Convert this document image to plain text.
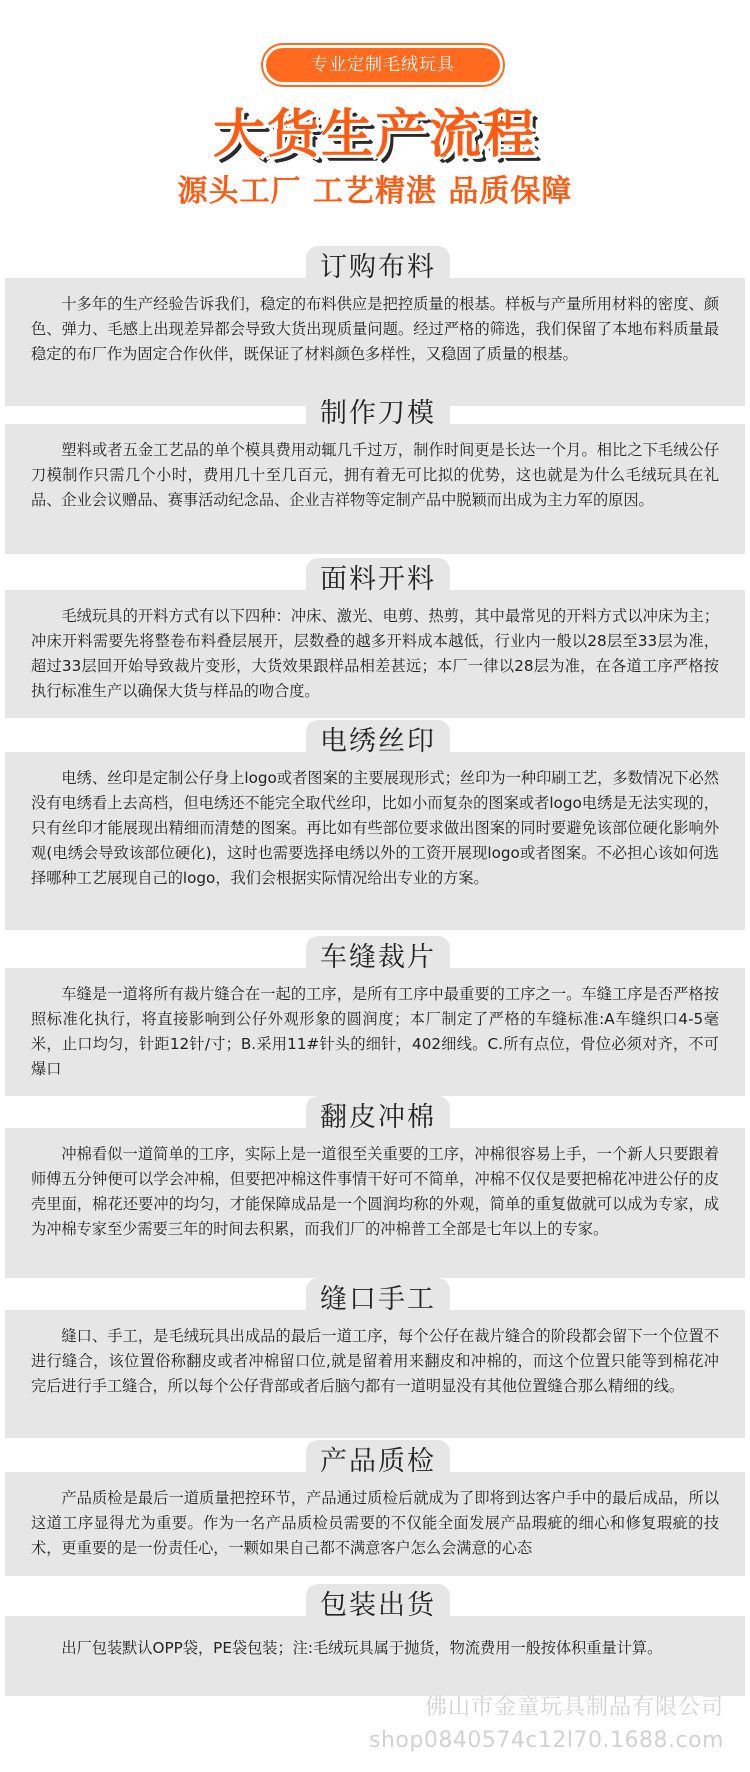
专业定制毛绒玩具
大货生产流程
源头工厂 工艺精湛 品质保障

十多年的生产经验告诉我们，稳定的布料供应是把控质量的根基。样板与产量所用材料的密度、颜色、弹力、毛感上出现差异都会导致大货出现质量问题。经过严格的筛选，我们保留了本地布料质量最稳定的布厂作为固定合作伙伴，既保证了材料颜色多样性，又稳固了质量的根基。

订购布料

塑料或者五金工艺品的单个模具费用动辄几千过万，制作时间更是长达一个月。相比之下毛绒公仔刀模制作只需几个小时，费用几十至几百元，拥有着无可比拟的优势，这也就是为什么毛绒玩具在礼品、企业会议赠品、赛事活动纪念品、企业吉祥物等定制产品中脱颖而出成为主力军的原因。

制作刀模

毛绒玩具的开料方式有以下四种：冲床、激光、电剪、热剪，其中最常见的开料方式以冲床为主；冲床开料需要先将整卷布料叠层展开，层数叠的越多开料成本越低，行业内一般以28层至33层为准，超过33层回开始导致裁片变形，大货效果跟样品相差甚远；本厂一律以28层为准，在各道工序严格按执行标准生产以确保大货与样品的吻合度。

面料开料

电绣、丝印是定制公仔身上logo或者图案的主要展现形式；丝印为一种印刷工艺，多数情况下必然没有电绣看上去高档，但电绣还不能完全取代丝印，比如小而复杂的图案或者logo电绣是无法实现的，只有丝印才能展现出精细而清楚的图案。再比如有些部位要求做出图案的同时要避免该部位硬化影响外观(电绣会导致该部位硬化)，这时也需要选择电绣以外的工资开展现logo或者图案。不必担心该如何选择哪种工艺展现自己的logo，我们会根据实际情况给出专业的方案。

电绣丝印

车缝是一道将所有裁片缝合在一起的工序，是所有工序中最重要的工序之一。车缝工序是否严格按照标准化执行，将直接影响到公仔外观形象的圆润度；本厂制定了严格的车缝标准:A车缝织口4-5毫米，止口均匀，针距12针/寸；B.采用11#针头的细针，402细线。C.所有点位，骨位必须对齐，不可爆口

车缝裁片

冲棉看似一道简单的工序，实际上是一道很至关重要的工序，冲棉很容易上手，一个新人只要跟着师傅五分钟便可以学会冲棉，但要把冲棉这件事情干好可不简单，冲棉不仅仅是要把棉花冲进公仔的皮壳里面，棉花还要冲的均匀，才能保障成品是一个圆润均称的外观，简单的重复做就可以成为专家，成为冲棉专家至少需要三年的时间去积累，而我们厂的冲棉普工全部是七年以上的专家。

翻皮冲棉

缝口、手工，是毛绒玩具出成品的最后一道工序，每个公仔在裁片缝合的阶段都会留下一个位置不进行缝合，该位置俗称翻皮或者冲棉留口位,就是留着用来翻皮和冲棉的，而这个位置只能等到棉花冲完后进行手工缝合，所以每个公仔背部或者后脑勺都有一道明显没有其他位置缝合那么精细的线。

缝口手工

产品质检是最后一道质量把控环节，产品通过质检后就成为了即将到达客户手中的最后成品，所以这道工序显得尤为重要。作为一名产品质检员需要的不仅能全面发展产品瑕疵的细心和修复瑕疵的技术，更重要的是一份责任心，一颗如果自己都不满意客户怎么会满意的心态

产品质检

出厂包装默认OPP袋，PE袋包装；注:毛绒玩具属于抛货，物流费用一般按体积重量计算。

包装出货
佛山市金童玩具制品有限公司
shop0840574c12l70.1688.com
